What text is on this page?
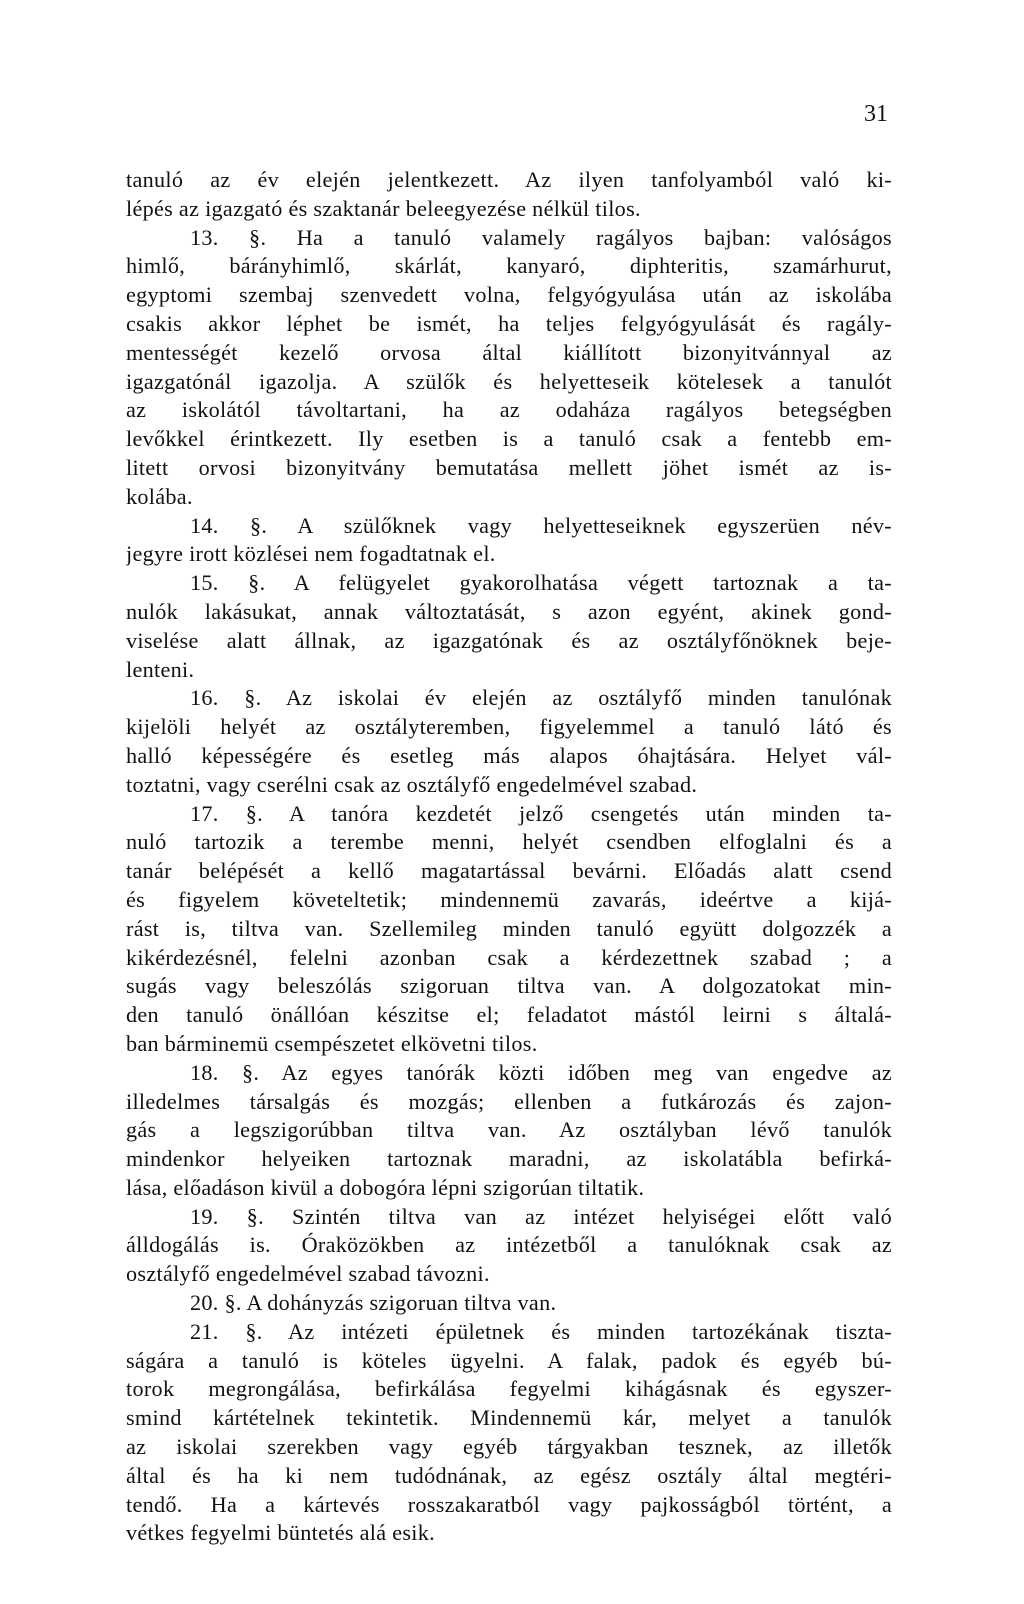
31
tanuló az év elején jelentkezett. Az ilyen tanfolyamból való ki-
lépés az igazgató és szaktanár beleegyezése nélkül tilos.
13. §. Ha a tanuló valamely ragályos bajban: valóságos
himlő, bárányhimlő, skárlát, kanyaró, diphteritis, szamárhurut,
egyptomi szembaj szenvedett volna, felgyógyulása után az iskolába
csakis akkor léphet be ismét, ha teljes felgyógyulását és ragály-
mentességét kezelő orvosa által kiállított bizonyitvánnyal az
igazgatónál igazolja. A szülők és helyetteseik kötelesek a tanulót
az iskolától távoltartani, ha az odaháza ragályos betegségben
levőkkel érintkezett. Ily esetben is a tanuló csak a fentebb em-
litett orvosi bizonyitvány bemutatása mellett jöhet ismét az is-
kolába.
14. §. A szülőknek vagy helyetteseiknek egyszerüen név-
jegyre irott közlései nem fogadtatnak el.
15. §. A felügyelet gyakorolhatása végett tartoznak a ta-
nulók lakásukat, annak változtatását, s azon egyént, akinek gond-
viselése alatt állnak, az igazgatónak és az osztályfőnöknek beje-
lenteni.
16. §. Az iskolai év elején az osztályfő minden tanulónak
kijelöli helyét az osztályteremben, figyelemmel a tanuló látó és
halló képességére és esetleg más alapos óhajtására. Helyet vál-
toztatni, vagy cserélni csak az osztályfő engedelmével szabad.
17. §. A tanóra kezdetét jelző csengetés után minden ta-
nuló tartozik a terembe menni, helyét csendben elfoglalni és a
tanár belépését a kellő magatartással bevárni. Előadás alatt csend
és figyelem követeltetik; mindennemü zavarás, ideértve a kijá-
rást is, tiltva van. Szellemileg minden tanuló együtt dolgozzék a
kikérdezésnél, felelni azonban csak a kérdezettnek szabad ; a
sugás vagy beleszólás szigoruan tiltva van. A dolgozatokat min-
den tanuló önállóan készitse el; feladatot mástól leirni s általá-
ban bárminemü csempészetet elkövetni tilos.
18. §. Az egyes tanórák közti időben meg van engedve az
illedelmes társalgás és mozgás; ellenben a futkározás és zajon-
gás a legszigorúbban tiltva van. Az osztályban lévő tanulók
mindenkor helyeiken tartoznak maradni, az iskolatábla befirká-
lása, előadáson kivül a dobogóra lépni szigorúan tiltatik.
19. §. Szintén tiltva van az intézet helyiségei előtt való
álldogálás is. Óraközökben az intézetből a tanulóknak csak az
osztályfő engedelmével szabad távozni.
20. §. A dohányzás szigoruan tiltva van.
21. §. Az intézeti épületnek és minden tartozékának tiszta-
ságára a tanuló is köteles ügyelni. A falak, padok és egyéb bú-
torok megrongálása, befirkálása fegyelmi kihágásnak és egyszer-
smind kártételnek tekintetik. Mindennemü kár, melyet a tanulók
az iskolai szerekben vagy egyéb tárgyakban tesznek, az illetők
által és ha ki nem tudódnának, az egész osztály által megtéri-
tendő. Ha a kártevés rosszakaratból vagy pajkosságból történt, a
vétkes fegyelmi büntetés alá esik.
